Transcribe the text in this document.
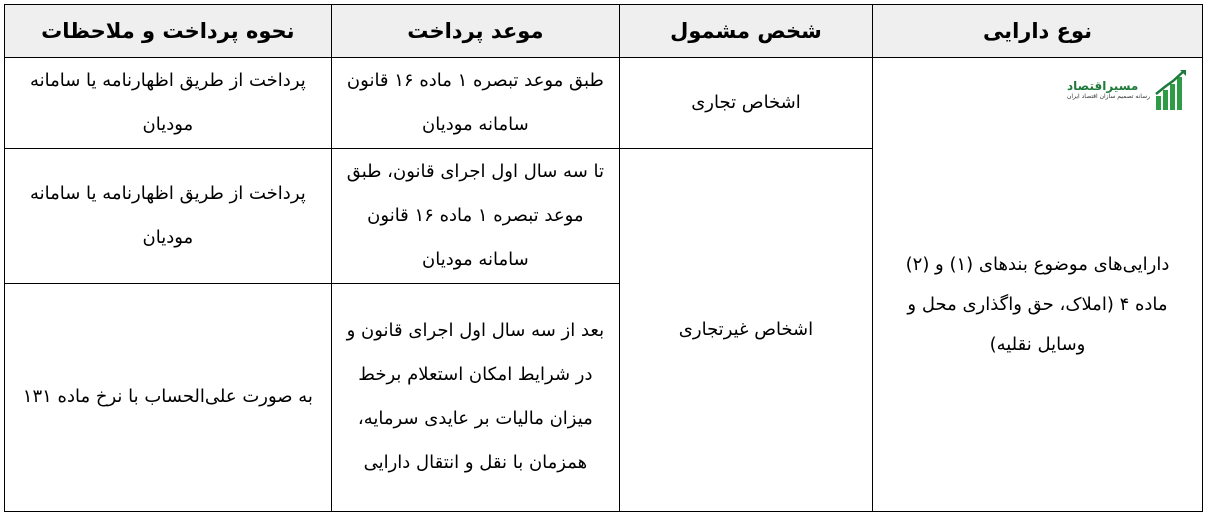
نوع دارایی	شخص مشمول	موعد پرداخت	نحوه پرداخت و ملاحظات

مسیراقتصاد
رسانه تصمیم سازان اقتصاد ایران
دارایی‌های موضوع بندهای (۱) و (۲) ماده ۴ (املاک، حق واگذاری محل و وسایل نقلیه)	اشخاص تجاری	طبق موعد تبصره ۱ ماده ۱۶ قانون سامانه مودیان	پرداخت از طریق اظهارنامه یا سامانه مودیان
	اشخاص غیرتجاری	تا سه سال اول اجرای قانون، طبق موعد تبصره ۱ ماده ۱۶ قانون سامانه مودیان	پرداخت از طریق اظهارنامه یا سامانه مودیان
		بعد از سه سال اول اجرای قانون و در شرایط امکان استعلام برخط میزان مالیات بر عایدی سرمایه، همزمان با نقل و انتقال دارایی	به صورت علی‌الحساب با نرخ ماده ۱۳۱
